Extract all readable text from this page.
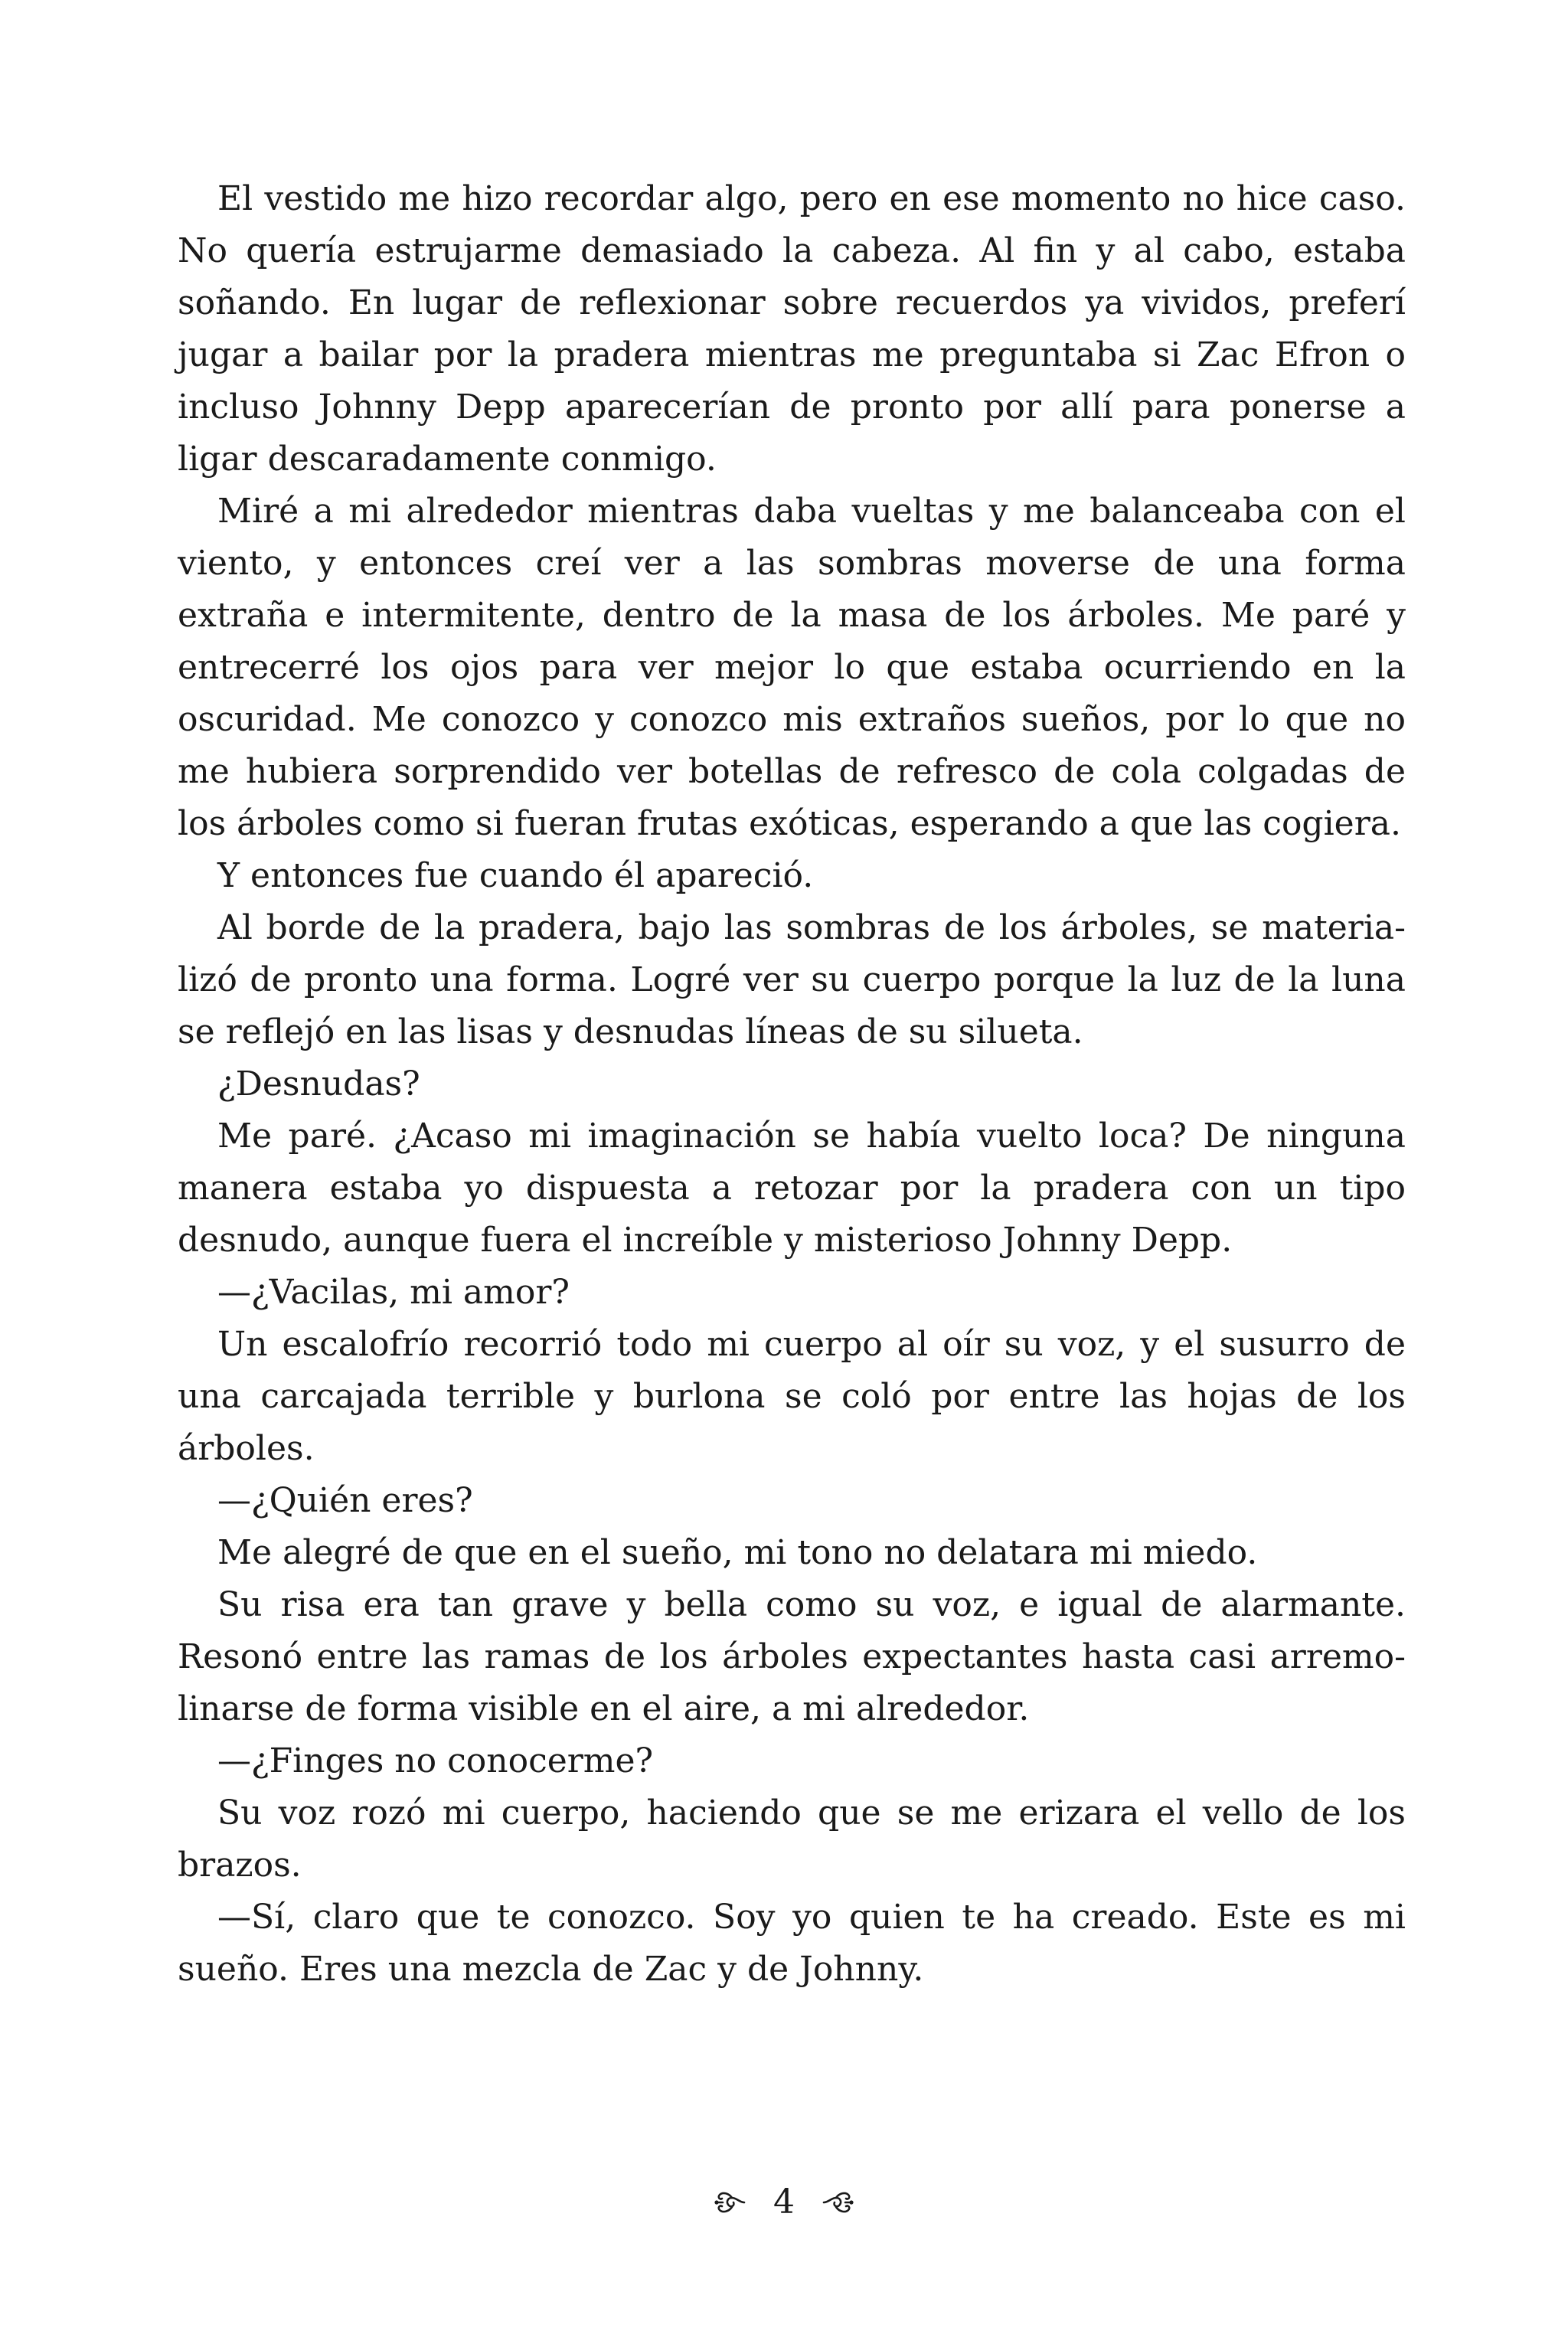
El vestido me hizo recordar algo, pero en ese momento no hice caso. No quería estrujarme demasiado la cabeza. Al fin y al cabo, estaba soñando. En lugar de reflexionar sobre recuerdos ya vividos, preferí jugar a bailar por la pradera mientras me preguntaba si Zac Efron o incluso Johnny Depp aparecerían de pronto por allí para ponerse a ligar descaradamente conmigo.

Miré a mi alrededor mientras daba vueltas y me balanceaba con el viento, y entonces creí ver a las sombras moverse de una forma extraña e intermitente, dentro de la masa de los árboles. Me paré y entrecerré los ojos para ver mejor lo que estaba ocurriendo en la oscuridad. Me conozco y conozco mis extraños sueños, por lo que no me hubiera sorprendido ver botellas de refresco de cola colgadas de los árboles como si fueran frutas exóticas, esperando a que las cogiera.

Y entonces fue cuando él apareció.

Al borde de la pradera, bajo las sombras de los árboles, se materializó de pronto una forma. Logré ver su cuerpo porque la luz de la luna se reflejó en las lisas y desnudas líneas de su silueta.

¿Desnudas?

Me paré. ¿Acaso mi imaginación se había vuelto loca? De ninguna manera estaba yo dispuesta a retozar por la pradera con un tipo desnudo, aunque fuera el increíble y misterioso Johnny Depp.

—¿Vacilas, mi amor?

Un escalofrío recorrió todo mi cuerpo al oír su voz, y el susurro de una carcajada terrible y burlona se coló por entre las hojas de los árboles.

—¿Quién eres?

Me alegré de que en el sueño, mi tono no delatara mi miedo.

Su risa era tan grave y bella como su voz, e igual de alarmante. Resonó entre las ramas de los árboles expectantes hasta casi arremolinarse de forma visible en el aire, a mi alrededor.

—¿Finges no conocerme?

Su voz rozó mi cuerpo, haciendo que se me erizara el vello de los brazos.

—Sí, claro que te conozco. Soy yo quien te ha creado. Este es mi sueño. Eres una mezcla de Zac y de Johnny.

4
